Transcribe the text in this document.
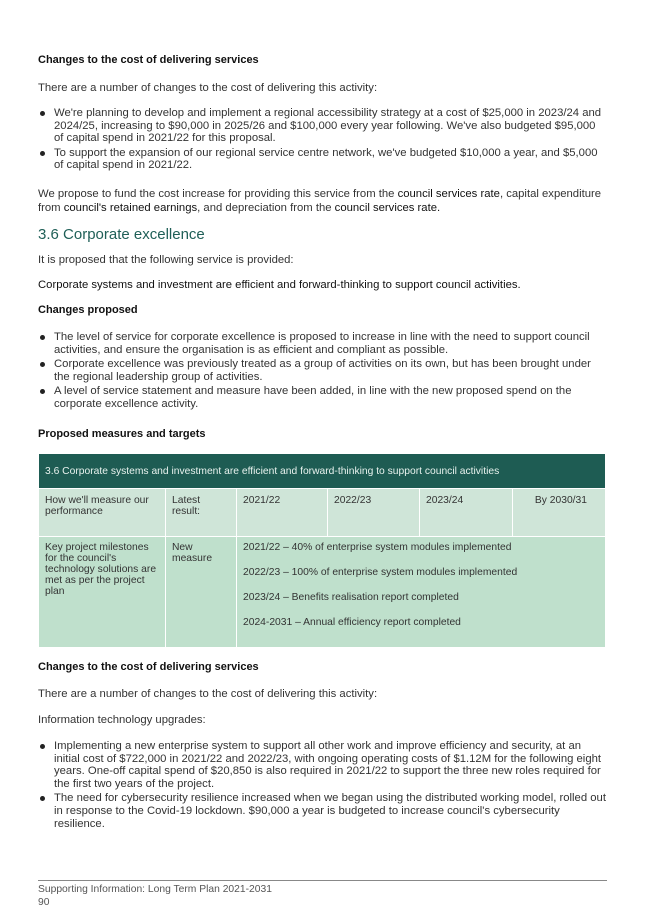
Changes to the cost of delivering services
There are a number of changes to the cost of delivering this activity:
We're planning to develop and implement a regional accessibility strategy at a cost of $25,000 in 2023/24 and 2024/25, increasing to $90,000 in 2025/26 and $100,000 every year following. We've also budgeted $95,000 of capital spend in 2021/22 for this proposal.
To support the expansion of our regional service centre network, we've budgeted $10,000 a year, and $5,000 of capital spend in 2021/22.
We propose to fund the cost increase for providing this service from the council services rate, capital expenditure from council's retained earnings, and depreciation from the council services rate.
3.6 Corporate excellence
It is proposed that the following service is provided:
Corporate systems and investment are efficient and forward-thinking to support council activities.
Changes proposed
The level of service for corporate excellence is proposed to increase in line with the need to support council activities, and ensure the organisation is as efficient and compliant as possible.
Corporate excellence was previously treated as a group of activities on its own, but has been brought under the regional leadership group of activities.
A level of service statement and measure have been added, in line with the new proposed spend on the corporate excellence activity.
Proposed measures and targets
3.6 Corporate systems and investment are efficient and forward-thinking to support council activities					
How we'll measure our performance	Latest result:	2021/22	2022/23	2023/24	By 2030/31
Key project milestones for the council's technology solutions are met as per the project plan	New measure	2021/22 – 40% of enterprise system modules implemented
2022/23 – 100% of enterprise system modules implemented
2023/24 – Benefits realisation report completed
2024-2031 – Annual efficiency report completed			
Changes to the cost of delivering services
There are a number of changes to the cost of delivering this activity:
Information technology upgrades:
Implementing a new enterprise system to support all other work and improve efficiency and security, at an initial cost of $722,000 in 2021/22 and 2022/23, with ongoing operating costs of $1.12M for the following eight years. One-off capital spend of $20,850 is also required in 2021/22 to support the three new roles required for the first two years of the project.
The need for cybersecurity resilience increased when we began using the distributed working model, rolled out in response to the Covid-19 lockdown. $90,000 a year is budgeted to increase council's cybersecurity resilience.
Supporting Information: Long Term Plan 2021-2031
90
